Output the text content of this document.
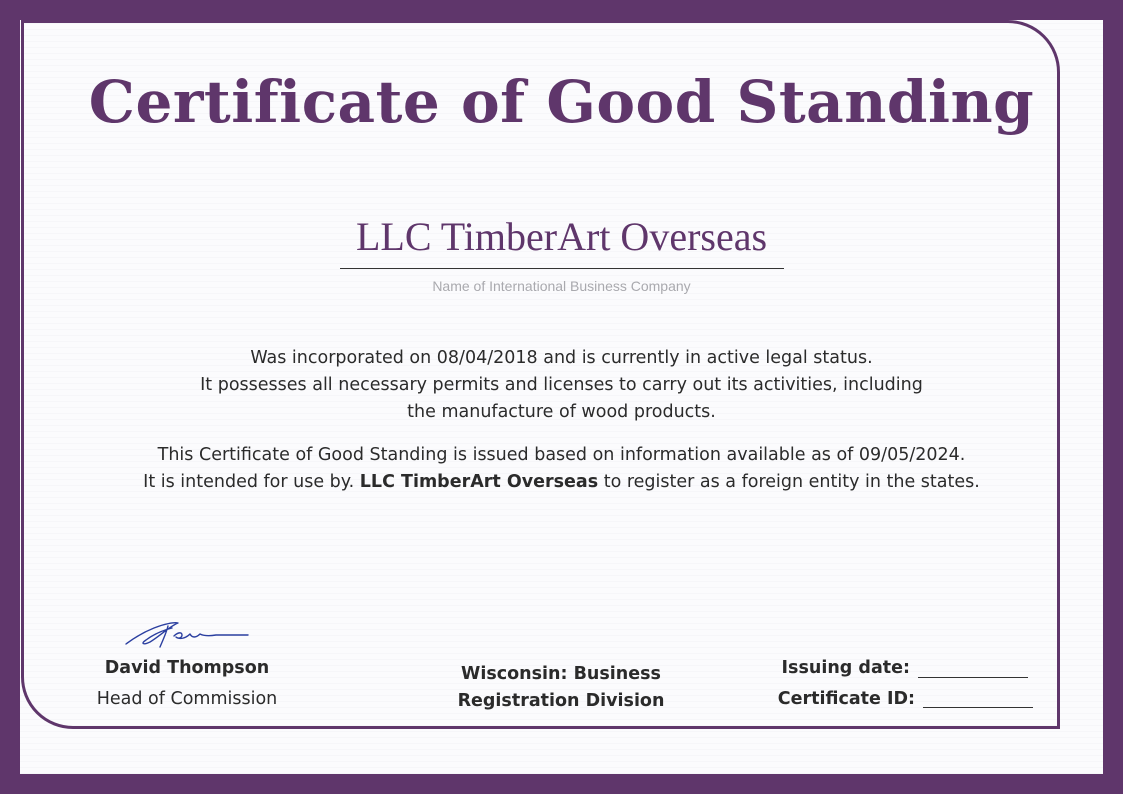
Certificate of Good Standing
LLC TimberArt Overseas
Name of International Business Company
Was incorporated on 08/04/2018 and is currently in active legal status.
It possesses all necessary permits and licenses to carry out its activities, including
the manufacture of wood products.
This Certificate of Good Standing is issued based on information available as of 09/05/2024.
It is intended for use by. LLC TimberArt Overseas to register as a foreign entity in the states.
David Thompson
Head of Commission
Wisconsin: Business
Registration Division
Issuing date:
Certificate ID:
